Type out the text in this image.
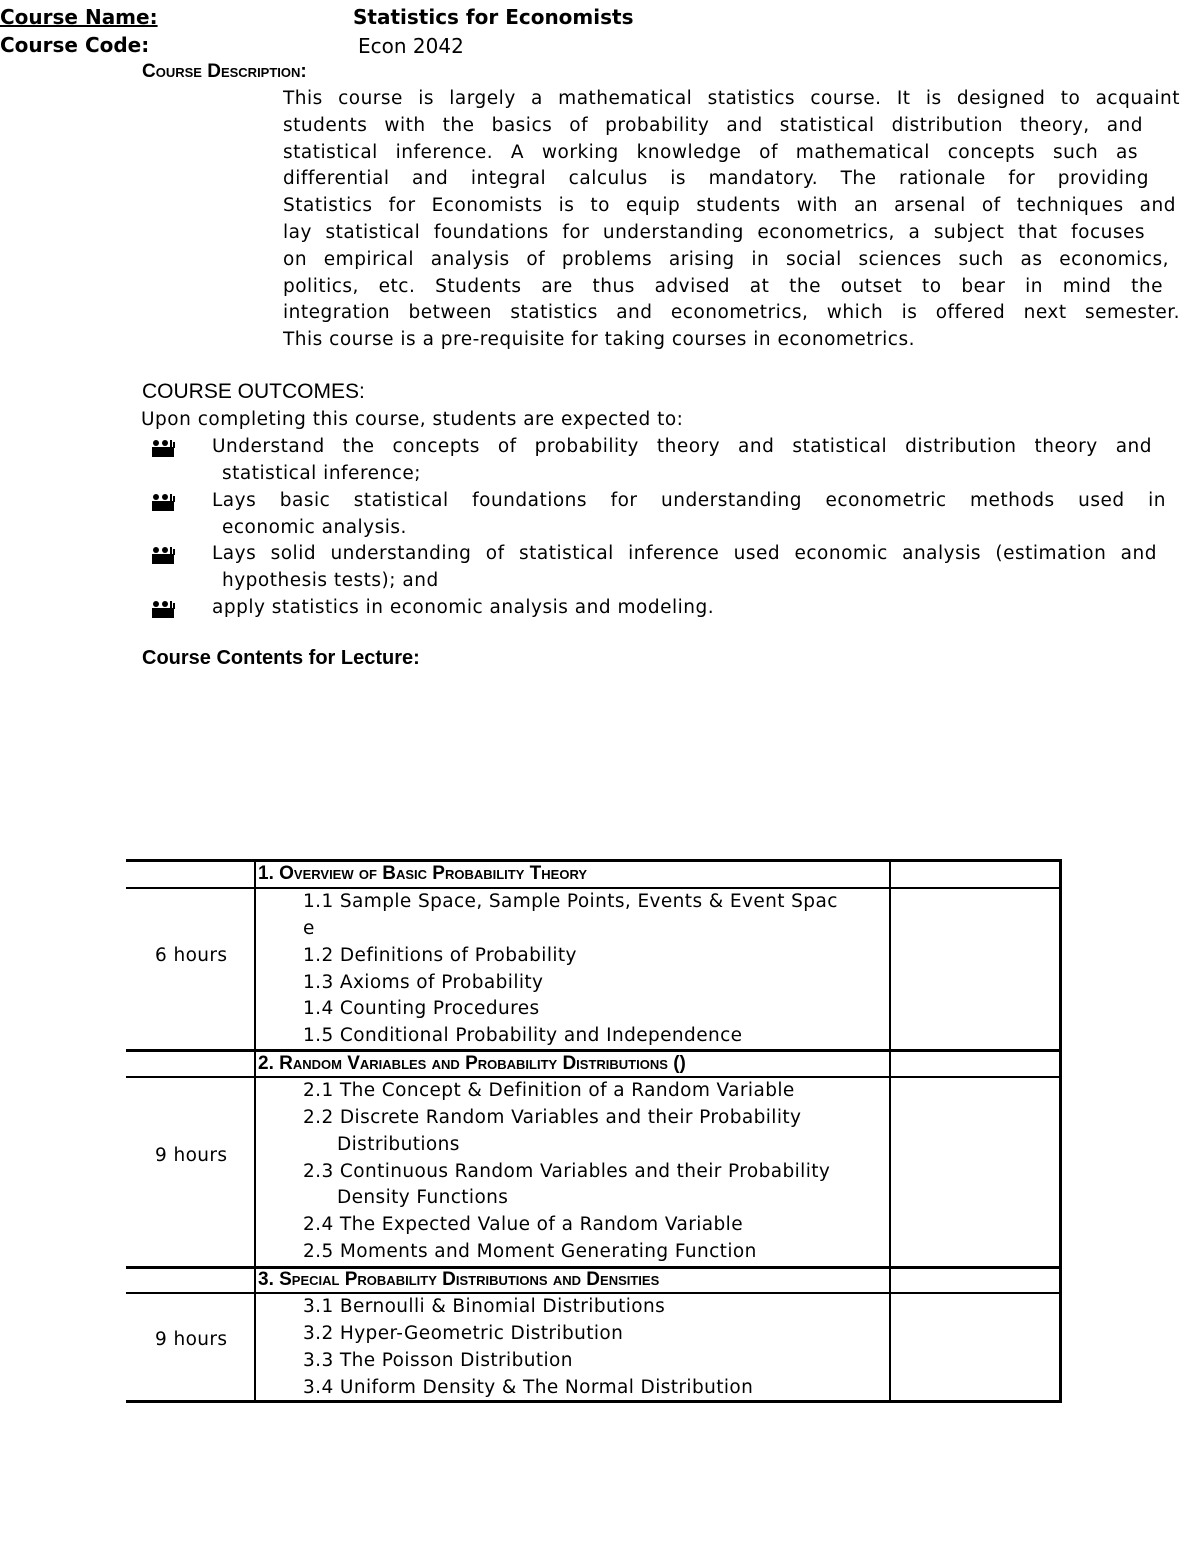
Course Name:	Statistics for Economists
Course Code:	Econ 2042
Course Description:
This course is largely a mathematical statistics course. It is designed to acquaint
students with the basics of probability and statistical distribution theory, and
statistical inference. A working knowledge of mathematical concepts such as
differential and integral calculus is mandatory. The rationale for providing
Statistics for Economists is to equip students with an arsenal of techniques and
lay statistical foundations for understanding econometrics, a subject that focuses
on empirical analysis of problems arising in social sciences such as economics,
politics, etc. Students are thus advised at the outset to bear in mind the
integration between statistics and econometrics, which is offered next semester.
This course is a pre-requisite for taking courses in econometrics.
COURSE OUTCOMES:
Upon completing this course, students are expected to:
Understand the concepts of probability theory and statistical distribution theory and
statistical inference;
Lays basic statistical foundations for understanding econometric methods used in
economic analysis.
Lays solid understanding of statistical inference used economic analysis (estimation and
hypothesis tests); and
apply statistics in economic analysis and modeling.
Course Contents for Lecture:
1. Overview of Basic Probability Theory
6 hours
1.1 Sample Space, Sample Points, Events & Event Spac
e
1.2 Definitions of Probability
1.3 Axioms of Probability
1.4 Counting Procedures
1.5 Conditional Probability and Independence
2. Random Variables and Probability Distributions ()
9 hours
2.1 The Concept & Definition of a Random Variable
2.2 Discrete Random Variables and their Probability
Distributions
2.3 Continuous Random Variables and their Probability
Density Functions
2.4 The Expected Value of a Random Variable
2.5 Moments and Moment Generating Function
3. Special Probability Distributions and Densities
9 hours
3.1 Bernoulli & Binomial Distributions
3.2 Hyper-Geometric Distribution
3.3 The Poisson Distribution
3.4 Uniform Density & The Normal Distribution
